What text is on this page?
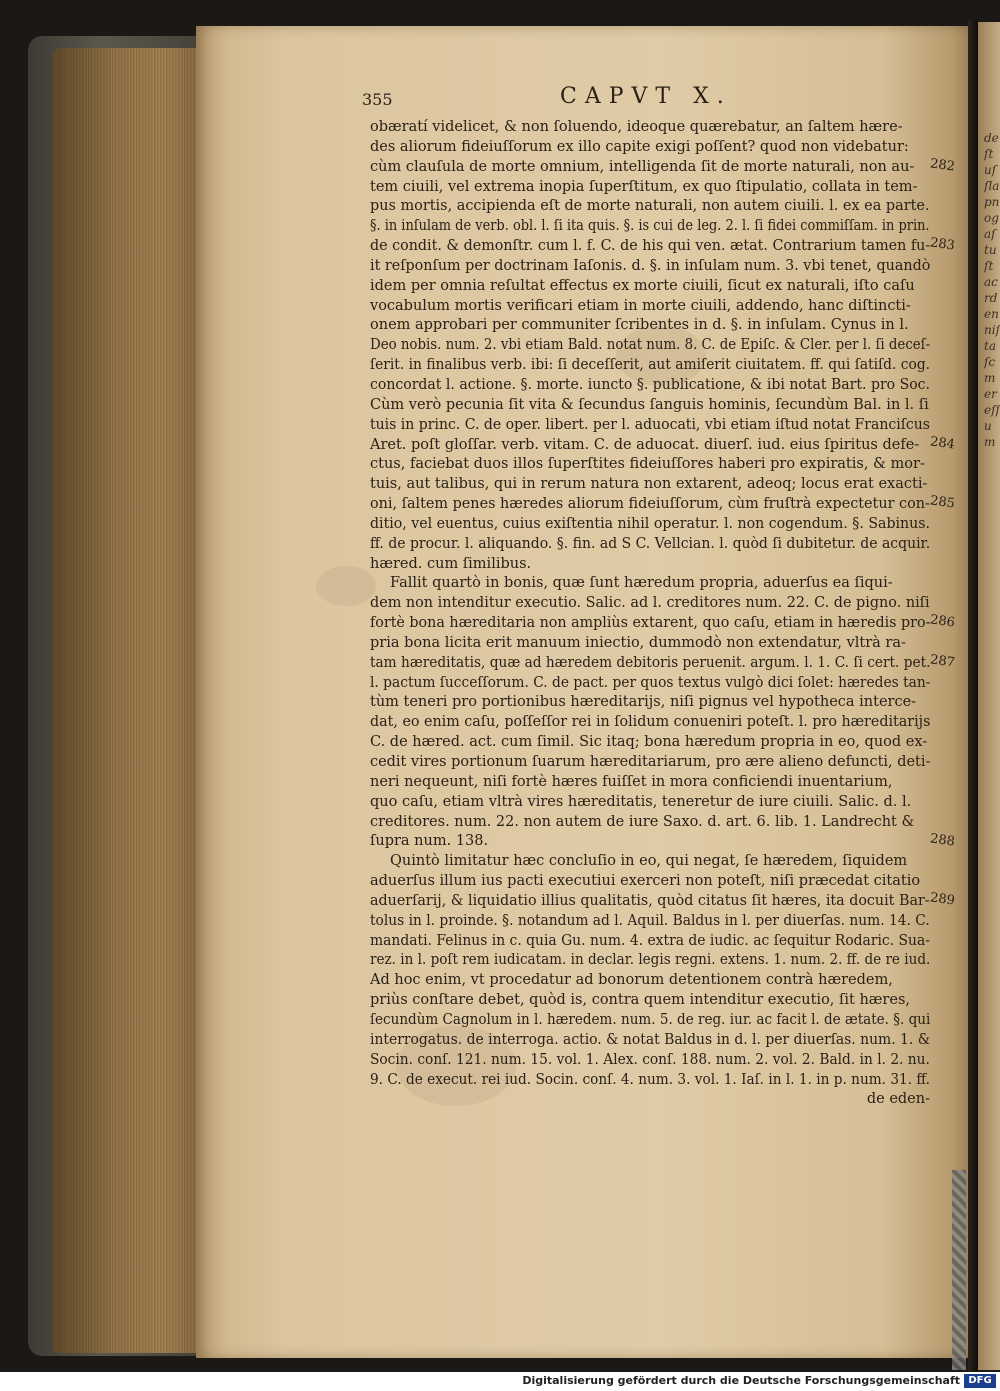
deſtuſſlapnogaſtuſtacrdenniſtaſcmereſſum
355	CAPVT X.
obæratí videlicet, & non ſoluendo, ideoque quærebatur, an ſaltem hære-
des aliorum fideiuſſorum ex illo capite exigi poſſent? quod non videbatur:
cùm clauſula de morte omnium, intelligenda ſit de morte naturali, non au-
tem ciuili, vel extrema inopia ſuperſtitum, ex quo ſtipulatio, collata in tem-
pus mortis, accipienda eſt de morte naturali, non autem ciuili. l. ex ea parte.
§. in inſulam de verb. obl. l. ſi ita quis. §. is cui de leg. 2. l. ſi fidei commiſſam. in prin.
de condit. & demonſtr. cum l. f. C. de his qui ven. ætat. Contrarium tamen fu-
it reſponſum per doctrinam Iaſonis. d. §. in inſulam num. 3. vbi tenet, quandò
idem per omnia reſultat effectus ex morte ciuili, ſicut ex naturali, iſto caſu
vocabulum mortis verificari etiam in morte ciuili, addendo, hanc diſtincti-
onem approbari per communiter ſcribentes in d. §. in inſulam. Cynus in l.
Deo nobis. num. 2. vbi etiam Bald. notat num. 8. C. de Epiſc. & Cler. per l. ſi deceſ-
ſerit. in finalibus verb. ibi: ſi deceſſerit, aut amiſerit ciuitatem. ff. qui ſatiſd. cog.
concordat l. actione. §. morte. iuncto §. publicatione, & ibi notat Bart. pro Soc.
Cùm verò pecunia ſit vita & ſecundus ſanguis hominis, ſecundùm Bal. in l. ſi
tuis in princ. C. de oper. libert. per l. aduocati, vbi etiam iſtud notat Franciſcus
Aret. poſt gloſſar. verb. vitam. C. de aduocat. diuerſ. iud. eius ſpiritus defe-
ctus, faciebat duos illos ſuperſtites fideiuſſores haberi pro expiratis, & mor-
tuis, aut talibus, qui in rerum natura non extarent, adeoq; locus erat exacti-
oni, ſaltem penes hæredes aliorum fideiuſſorum, cùm fruſtrà expectetur con-
ditio, vel euentus, cuius exiſtentia nihil operatur. l. non cogendum. §. Sabinus.
ff. de procur. l. aliquando. §. fin. ad S C. Vellcian. l. quòd ſi dubitetur. de acquir.
hæred. cum ſimilibus.
Fallit quartò in bonis, quæ ſunt hæredum propria, aduerſus ea ſiqui-
dem non intenditur executio. Salic. ad l. creditores num. 22. C. de pigno. niſi
fortè bona hæreditaria non ampliùs extarent, quo caſu, etiam in hæredis pro-
pria bona licita erit manuum iniectio, dummodò non extendatur, vltrà ra-
tam hæreditatis, quæ ad hæredem debitoris peruenit. argum. l. 1. C. ſi cert. pet.
l. pactum ſucceſſorum. C. de pact. per quos textus vulgò dici ſolet: hæredes tan-
tùm teneri pro portionibus hæreditarijs, niſi pignus vel hypotheca interce-
dat, eo enim caſu, poſſeſſor rei in ſolidum conueniri poteſt. l. pro hæreditarijs
C. de hæred. act. cum ſimil. Sic itaq; bona hæredum propria in eo, quod ex-
cedit vires portionum ſuarum hæreditariarum, pro ære alieno defuncti, deti-
neri nequeunt, niſi fortè hæres fuiſſet in mora conficiendi inuentarium,
quo caſu, etiam vltrà vires hæreditatis, teneretur de iure ciuili. Salic. d. l.
creditores. num. 22. non autem de iure Saxo. d. art. 6. lib. 1. Landrecht &
ſupra num. 138.
Quintò limitatur hæc concluſio in eo, qui negat, ſe hæredem, ſiquidem
aduerſus illum ius pacti executiui exerceri non poteſt, niſi præcedat citatio
aduerſarij, & liquidatio illius qualitatis, quòd citatus ſit hæres, ita docuit Bar-
tolus in l. proinde. §. notandum ad l. Aquil. Baldus in l. per diuerſas. num. 14. C.
mandati. Felinus in c. quia Gu. num. 4. extra de iudic. ac ſequitur Rodaric. Sua-
rez. in l. poſt rem iudicatam. in declar. legis regni. extens. 1. num. 2. ff. de re iud.
Ad hoc enim, vt procedatur ad bonorum detentionem contrà hæredem,
priùs conſtare debet, quòd is, contra quem intenditur executio, ſit hæres,
ſecundùm Cagnolum in l. hæredem. num. 5. de reg. iur. ac facit l. de ætate. §. qui
interrogatus. de interroga. actio. & notat Baldus in d. l. per diuerſas. num. 1. &
Socin. conſ. 121. num. 15. vol. 1. Alex. conſ. 188. num. 2. vol. 2. Bald. in l. 2. nu.
9. C. de execut. rei iud. Socin. conſ. 4. num. 3. vol. 1. Iaſ. in l. 1. in p. num. 31. ff.
de eden-
282
283
284
285
286
287
288
289
Digitalisierung gefördert durch die Deutsche Forschungsgemeinschaft DFG
